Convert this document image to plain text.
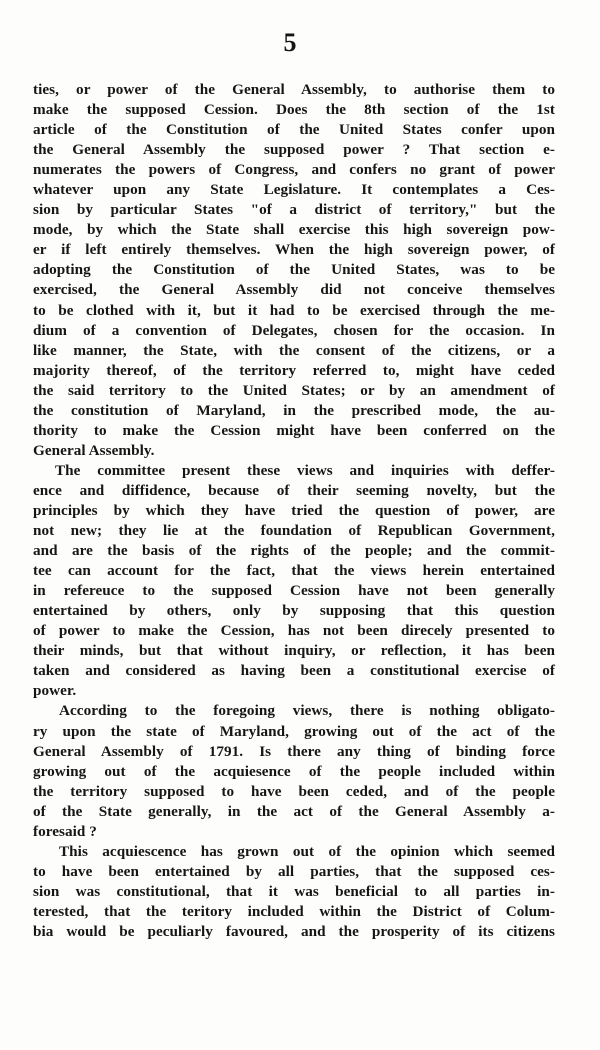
5
ties, or power of the General Assembly, to authorise them to
make the supposed Cession. Does the 8th section of the 1st
article of the Constitution of the United States confer upon
the General Assembly the supposed power ? That section e-
numerates the powers of Congress, and confers no grant of power
whatever upon any State Legislature. It contemplates a Ces-
sion by particular States "of a district of territory," but the
mode, by which the State shall exercise this high sovereign pow-
er if left entirely themselves. When the high sovereign power, of
adopting the Constitution of the United States, was to be
exercised, the General Assembly did not conceive themselves
to be clothed with it, but it had to be exercised through the me-
dium of a convention of Delegates, chosen for the occasion. In
like manner, the State, with the consent of the citizens, or a
majority thereof, of the territory referred to, might have ceded
the said territory to the United States; or by an amendment of
the constitution of Maryland, in the prescribed mode, the au-
thority to make the Cession might have been conferred on the
General Assembly.
The committee present these views and inquiries with deffer-
ence and diffidence, because of their seeming novelty, but the
principles by which they have tried the question of power, are
not new; they lie at the foundation of Republican Government,
and are the basis of the rights of the people; and the commit-
tee can account for the fact, that the views herein entertained
in refereuce to the supposed Cession have not been generally
entertained by others, only by supposing that this question
of power to make the Cession, has not been direcely presented to
their minds, but that without inquiry, or reflection, it has been
taken and considered as having been a constitutional exercise of
power.
According to the foregoing views, there is nothing obligato-
ry upon the state of Maryland, growing out of the act of the
General Assembly of 1791. Is there any thing of binding force
growing out of the acquiesence of the people included within
the territory supposed to have been ceded, and of the people
of the State generally, in the act of the General Assembly a-
foresaid ?
This acquiescence has grown out of the opinion which seemed
to have been entertained by all parties, that the supposed ces-
sion was constitutional, that it was beneficial to all parties in-
terested, that the teritory included within the District of Colum-
bia would be peculiarly favoured, and the prosperity of its citizens
